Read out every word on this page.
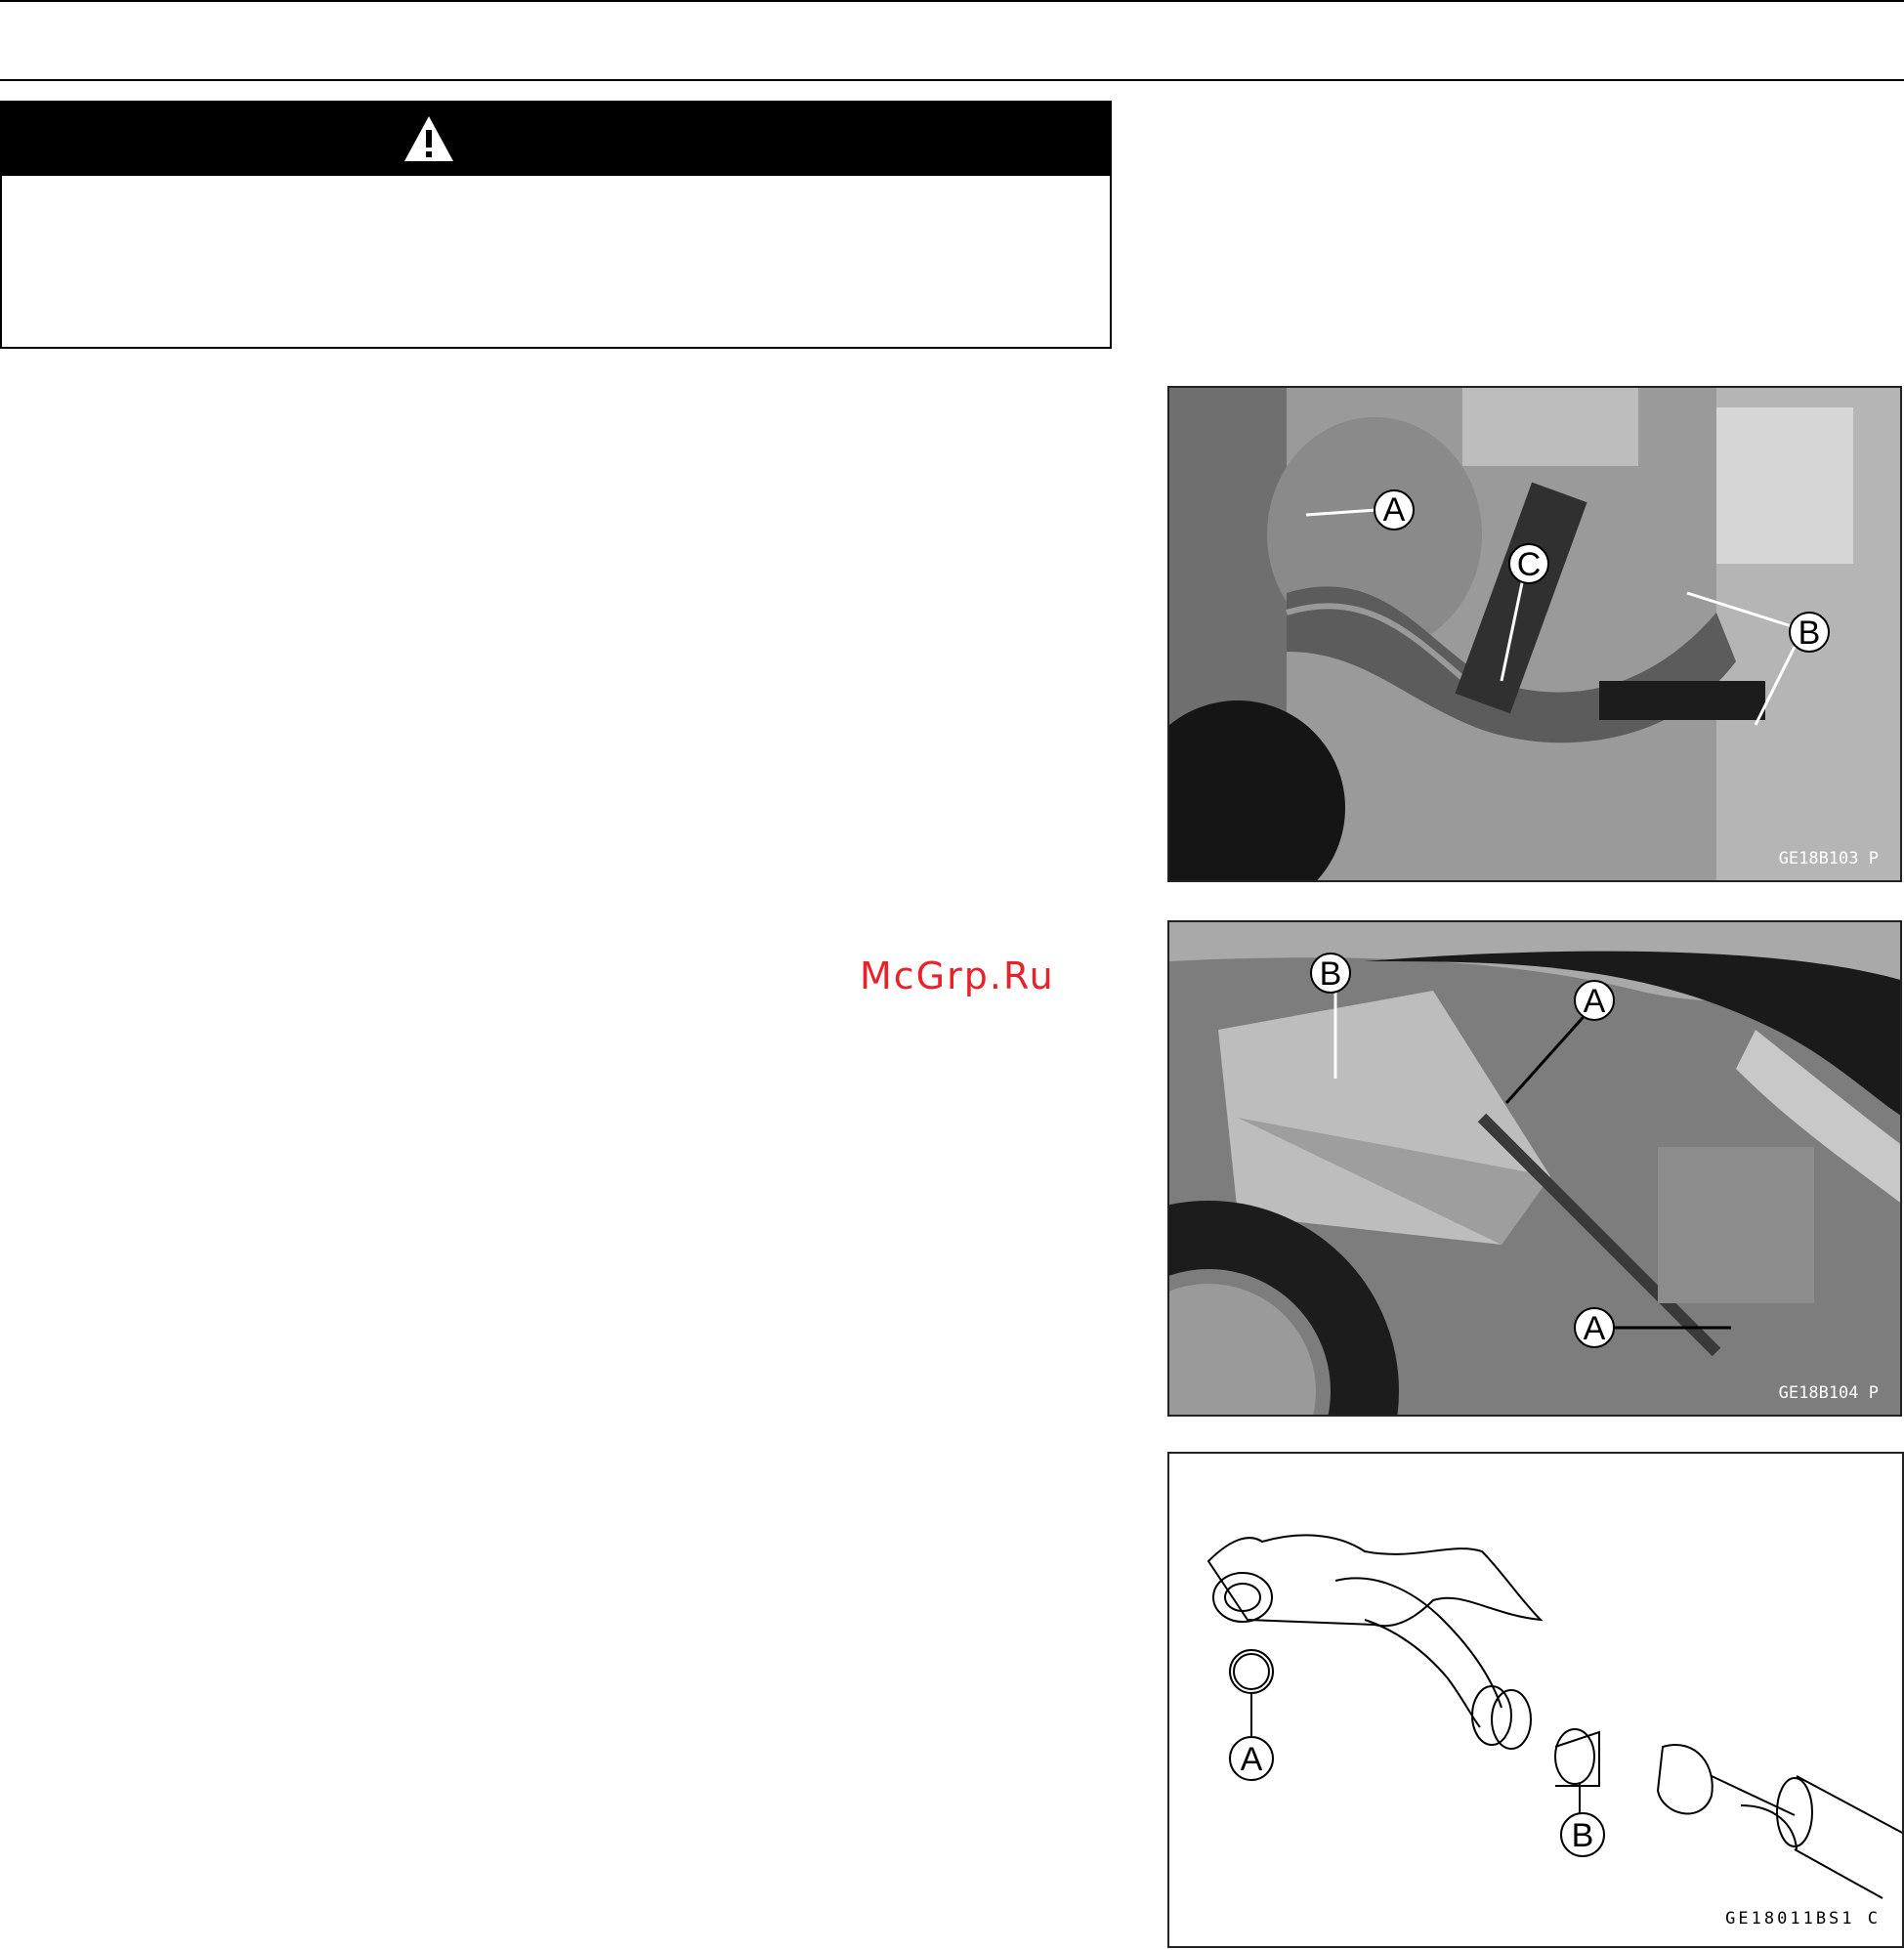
McGrp.Ru
A
B
C
GE18B103 P
B
A
A
GE18B104 P
A
B
GE18011BS1 C
